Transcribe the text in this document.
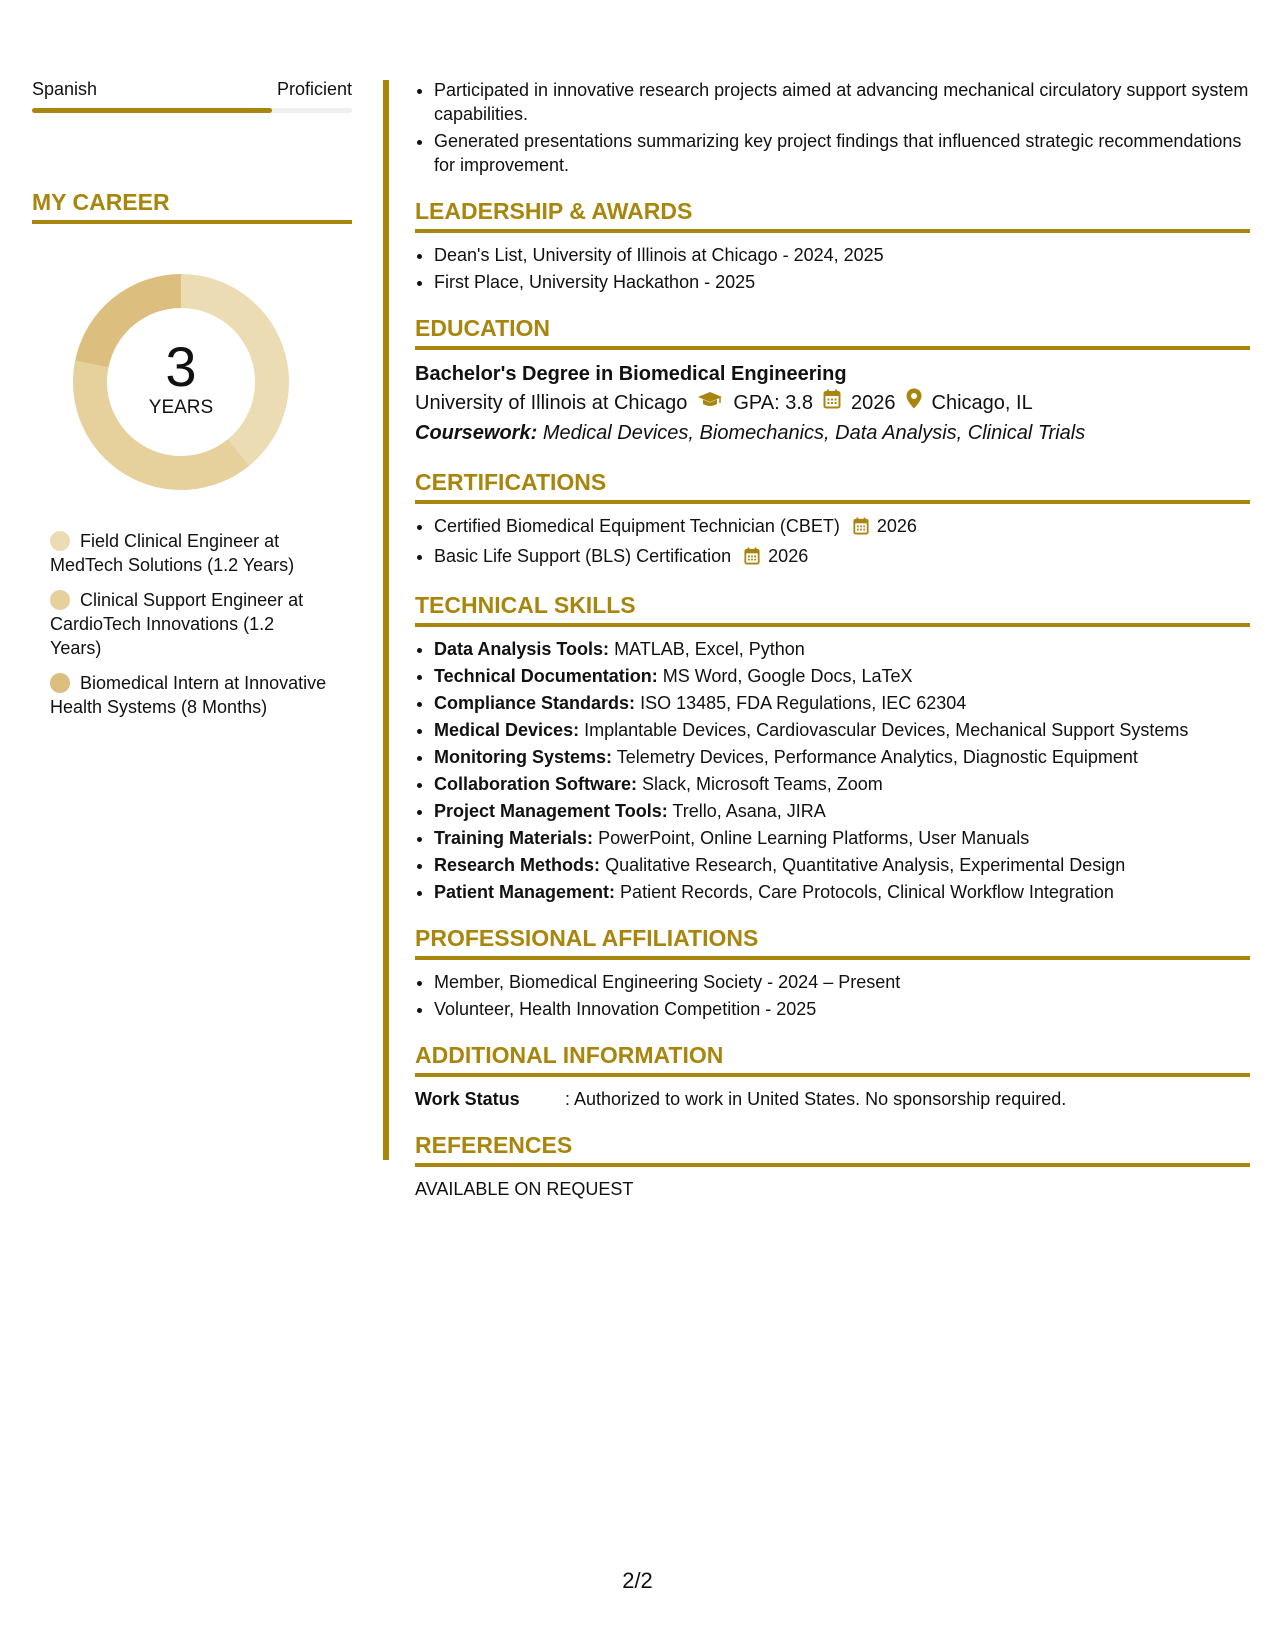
Spanish	Proficient
MY CAREER
3
YEARS
Field Clinical Engineer at MedTech Solutions (1.2 Years)
Clinical Support Engineer at CardioTech Innovations (1.2 Years)
Biomedical Intern at Innovative Health Systems (8 Months)
• Participated in innovative research projects aimed at advancing mechanical circulatory support system capabilities.
• Generated presentations summarizing key project findings that influenced strategic recommendations for improvement.
LEADERSHIP & AWARDS
• Dean's List, University of Illinois at Chicago - 2024, 2025
• First Place, University Hackathon - 2025
EDUCATION
Bachelor's Degree in Biomedical Engineering
University of Illinois at Chicago GPA: 3.8 2026 Chicago, IL
Coursework: Medical Devices, Biomechanics, Data Analysis, Clinical Trials
CERTIFICATIONS
• Certified Biomedical Equipment Technician (CBET) 2026
• Basic Life Support (BLS) Certification 2026
TECHNICAL SKILLS
• Data Analysis Tools: MATLAB, Excel, Python
• Technical Documentation: MS Word, Google Docs, LaTeX
• Compliance Standards: ISO 13485, FDA Regulations, IEC 62304
• Medical Devices: Implantable Devices, Cardiovascular Devices, Mechanical Support Systems
• Monitoring Systems: Telemetry Devices, Performance Analytics, Diagnostic Equipment
• Collaboration Software: Slack, Microsoft Teams, Zoom
• Project Management Tools: Trello, Asana, JIRA
• Training Materials: PowerPoint, Online Learning Platforms, User Manuals
• Research Methods: Qualitative Research, Quantitative Analysis, Experimental Design
• Patient Management: Patient Records, Care Protocols, Clinical Workflow Integration
PROFESSIONAL AFFILIATIONS
• Member, Biomedical Engineering Society - 2024 – Present
• Volunteer, Health Innovation Competition - 2025
ADDITIONAL INFORMATION
Work Status	: Authorized to work in United States. No sponsorship required.
REFERENCES
AVAILABLE ON REQUEST
2/2
